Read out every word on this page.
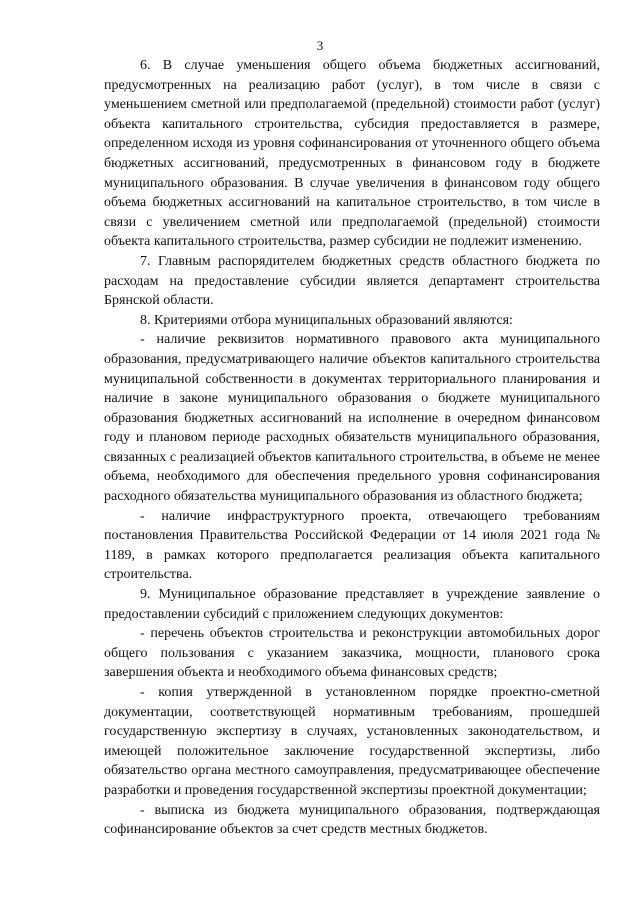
3

6. В случае уменьшения общего объема бюджетных ассигнований, предусмотренных на реализацию работ (услуг), в том числе в связи с уменьшением сметной или предполагаемой (предельной) стоимости работ (услуг) объекта капитального строительства, субсидия предоставляется в размере, определенном исходя из уровня софинансирования от уточненного общего объема бюджетных ассигнований, предусмотренных в финансовом году в бюджете муниципального образования. В случае увеличения в финансовом году общего объема бюджетных ассигнований на капитальное строительство, в том числе в связи с увеличением сметной или предполагаемой (предельной) стоимости объекта капитального строительства, размер субсидии не подлежит изменению.

7. Главным распорядителем бюджетных средств областного бюджета по расходам на предоставление субсидии является департамент строительства Брянской области.

8. Критериями отбора муниципальных образований являются:

- наличие реквизитов нормативного правового акта муниципального образования, предусматривающего наличие объектов капитального строительства муниципальной собственности в документах территориального планирования и наличие в законе муниципального образования о бюджете муниципального образования бюджетных ассигнований на исполнение в очередном финансовом году и плановом периоде расходных обязательств муниципального образования, связанных с реализацией объектов капитального строительства, в объеме не менее объема, необходимого для обеспечения предельного уровня софинансирования расходного обязательства муниципального образования из областного бюджета;

- наличие инфраструктурного проекта, отвечающего требованиям постановления Правительства Российской Федерации от 14 июля 2021 года № 1189, в рамках которого предполагается реализация объекта капитального строительства.

9. Муниципальное образование представляет в учреждение заявление о предоставлении субсидий с приложением следующих документов:

- перечень объектов строительства и реконструкции автомобильных дорог общего пользования с указанием заказчика, мощности, планового срока завершения объекта и необходимого объема финансовых средств;

- копия утвержденной в установленном порядке проектно-сметной документации, соответствующей нормативным требованиям, прошедшей государственную экспертизу в случаях, установленных законодательством, и имеющей положительное заключение государственной экспертизы, либо обязательство органа местного самоуправления, предусматривающее обеспечение разработки и проведения государственной экспертизы проектной документации;

- выписка из бюджета муниципального образования, подтверждающая софинансирование объектов за счет средств местных бюджетов.
